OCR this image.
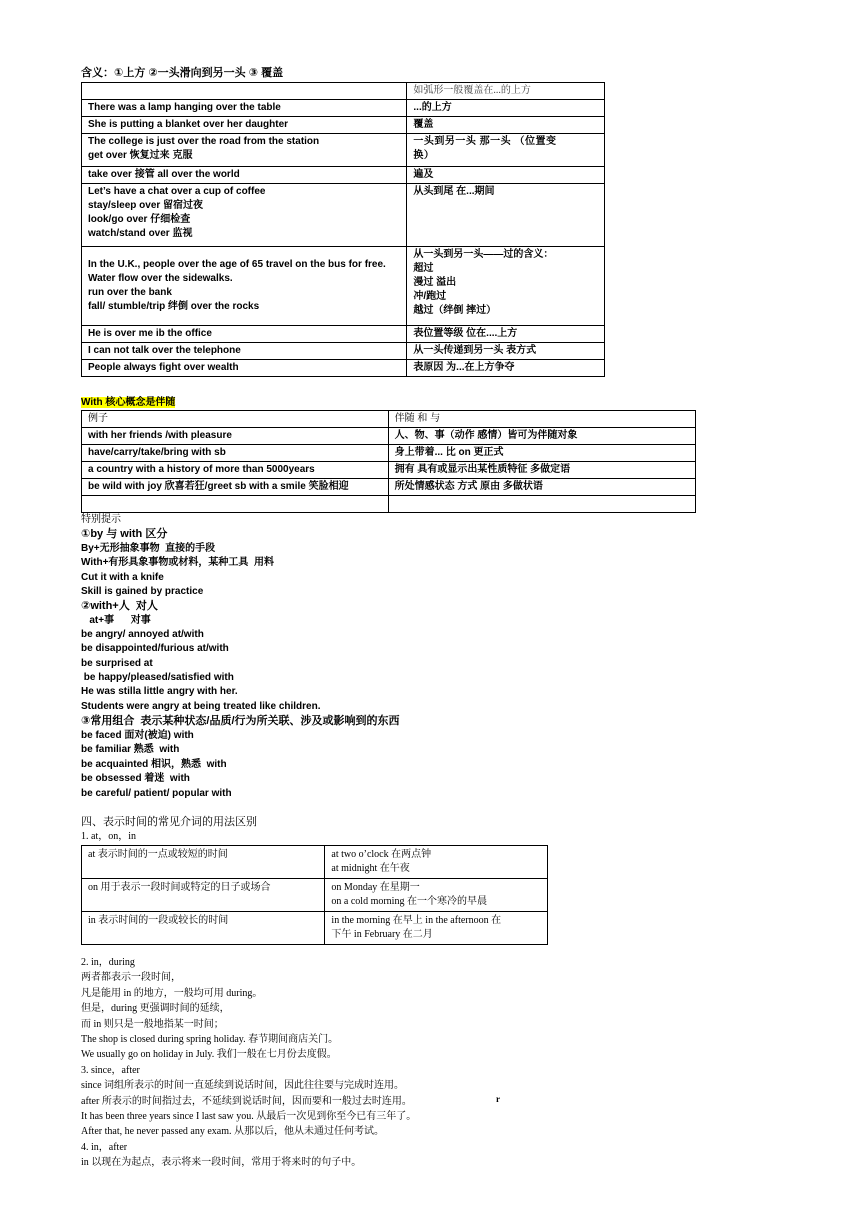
含义：①上方 ②一头滑向到另一头 ③ 覆盖

	如弧形一般覆盖在...的上方

There was a lamp hanging over the table	...的上方

She is putting a blanket over her daughter	覆盖

The college is just over the road from the station
get over 恢复过来 克服	一头到另一头 那一头 （位置变
换）

take over 接管 all over the world	遍及

Let’s have a chat over a cup of coffee
stay/sleep over 留宿过夜
look/go over 仔细检查
watch/stand over 监视	从头到尾 在...期间

In the U.K., people over the age of 65 travel on the bus for free.
Water flow over the sidewalks.
run over the bank
fall/ stumble/trip 绊倒 over the rocks	从一头到另一头——过的含义：
超过
漫过 溢出
冲/跑过
越过（绊倒 摔过）

He is over me ib the office	表位置等级 位在....上方

I can not talk over the telephone	从一头传递到另一头 表方式

People always fight over wealth	表原因 为...在上方争夺
With 核心概念是伴随
例子	伴随 和 与
with her friends /with pleasure	人、物、事（动作 感情）皆可为伴随对象
have/carry/take/bring with sb	身上带着... 比 on 更正式
a country with a history of more than 5000years	拥有 具有或显示出某性质特征 多做定语
be wild with joy 欣喜若狂/greet sb with a smile 笑脸相迎	所处情感状态 方式 原由 多做状语

特别提示
①by 与 with 区分
By+无形抽象事物  直接的手段
With+有形具象事物或材料，某种工具  用料
Cut it with a knife
Skill is gained by practice
②with+人  对人
at+事      对事
be angry/ annoyed at/with
be disappointed/furious at/with
be surprised at
be happy/pleased/satisfied with
He was stilla little angry with her.
Students were angry at being treated like children.
③常用组合  表示某种状态/品质/行为所关联、涉及或影响到的东西
be faced 面对(被迫) with
be familiar 熟悉  with
be acquainted 相识，熟悉  with
be obsessed 着迷  with
be careful/ patient/ popular with
四、表示时间的常见介词的用法区别
1. at，on，in
at 表示时间的一点或较短的时间	at two o’clock 在两点钟
at midnight 在午夜

on 用于表示一段时间或特定的日子或场合	on Monday 在星期一
on a cold morning 在一个寒冷的早晨

in 表示时间的一段或较长的时间	in the morning 在早上 in the afternoon 在
下午 in February 在二月
2. in，during
两者都表示一段时间，
凡是能用 in 的地方，一般均可用 during。
但是，during 更强调时间的延续，
而 in 则只是一般地指某一时间；
The shop is closed during spring holiday. 春节期间商店关门。
We usually go on holiday in July. 我们一般在七月份去度假。
3. since，after
since 词组所表示的时间一直延续到说话时间，因此往往要与完成时连用。
after 所表示的时间指过去，不延续到说话时间，因而要和一般过去时连用。
It has been three years since I last saw you. 从最后一次见到你至今已有三年了。
After that, he never passed any exam. 从那以后，他从未通过任何考试。
4. in，after
in 以现在为起点，表示将来一段时间，常用于将来时的句子中。
r
